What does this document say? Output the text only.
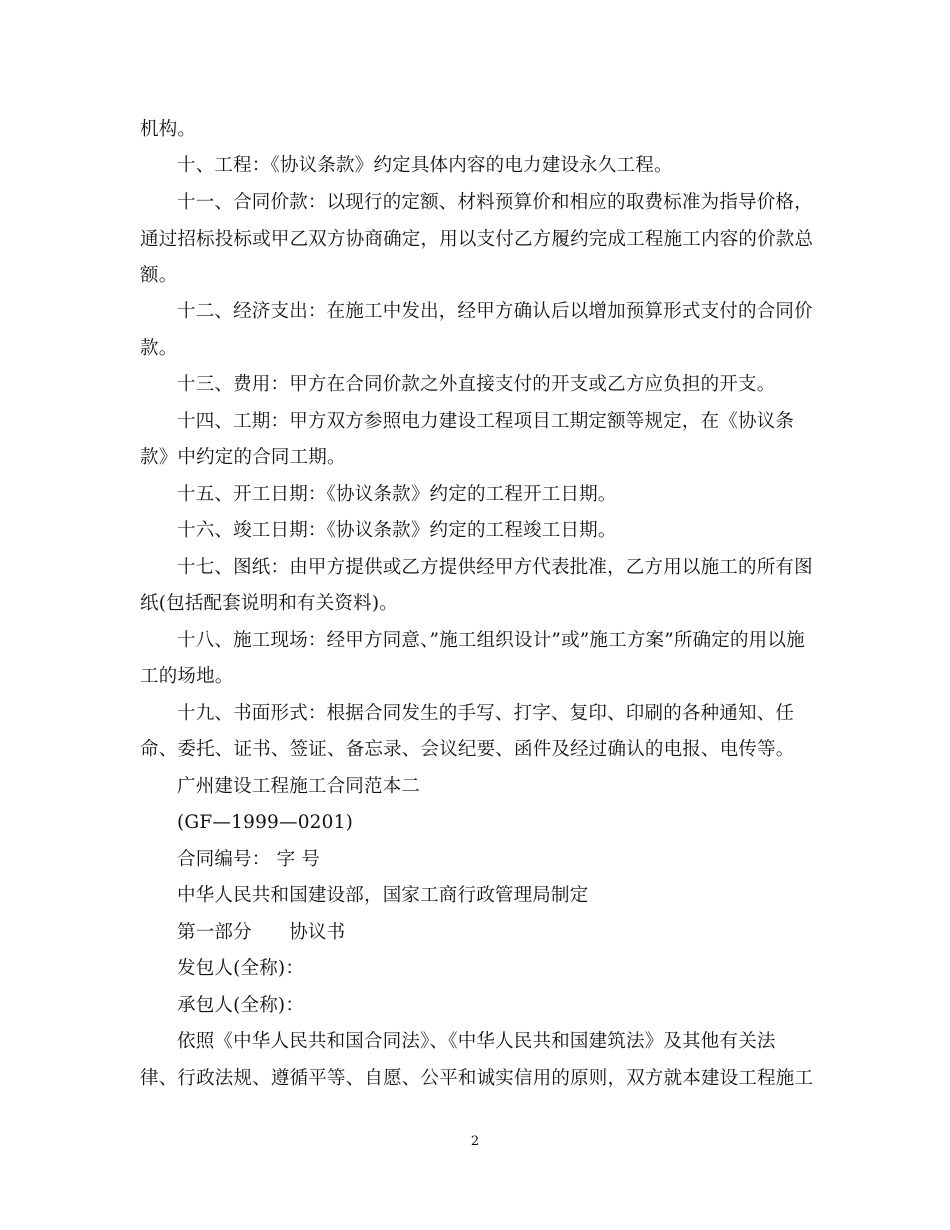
机构。
十、工程：《协议条款》约定具体内容的电力建设永久工程。
十一、合同价款：以现行的定额、材料预算价和相应的取费标准为指导价格，
通过招标投标或甲乙双方协商确定，用以支付乙方履约完成工程施工内容的价款总
额。
十二、经济支出：在施工中发出，经甲方确认后以增加预算形式支付的合同价
款。
十三、费用：甲方在合同价款之外直接支付的开支或乙方应负担的开支。
十四、工期：甲方双方参照电力建设工程项目工期定额等规定，在《协议条
款》中约定的合同工期。
十五、开工日期：《协议条款》约定的工程开工日期。
十六、竣工日期：《协议条款》约定的工程竣工日期。
十七、图纸：由甲方提供或乙方提供经甲方代表批准，乙方用以施工的所有图
纸(包括配套说明和有关资料)。
十八、施工现场：经甲方同意、”施工组织设计”或”施工方案”所确定的用以施
工的场地。
十九、书面形式：根据合同发生的手写、打字、复印、印刷的各种通知、任
命、委托、证书、签证、备忘录、会议纪要、函件及经过确认的电报、电传等。
广州建设工程施工合同范本二
(GF—1999—0201)
合同编号： 字 号
中华人民共和国建设部，国家工商行政管理局制定
第一部分　　协议书
发包人(全称)：
承包人(全称)：
依照《中华人民共和国合同法》、《中华人民共和国建筑法》及其他有关法
律、行政法规、遵循平等、自愿、公平和诚实信用的原则，双方就本建设工程施工
2
